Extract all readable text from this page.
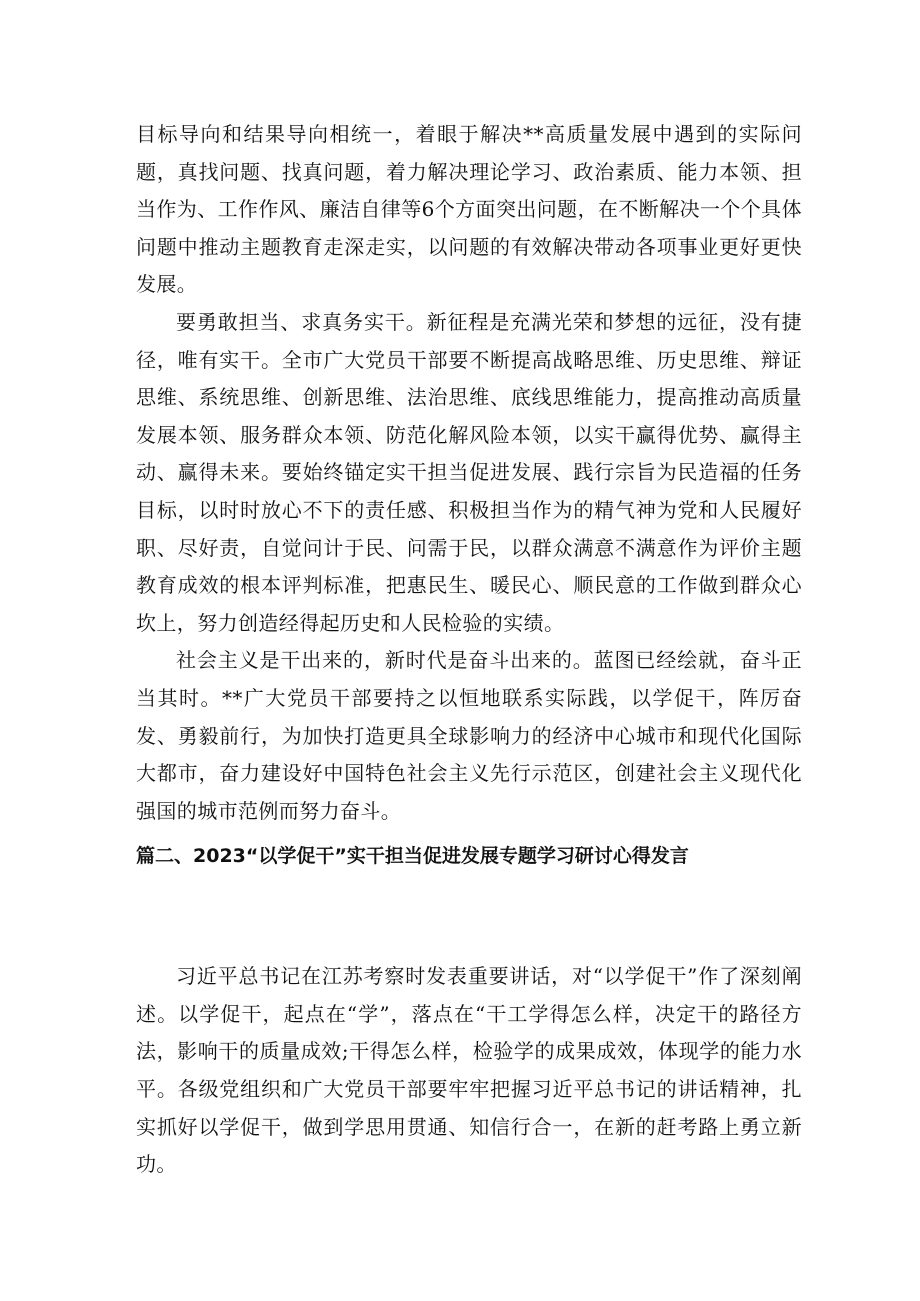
目标导向和结果导向相统一，着眼于解决**高质量发展中遇到的实际问题，真找问题、找真问题，着力解决理论学习、政治素质、能力本领、担当作为、工作作风、廉洁自律等6个方面突出问题，在不断解决一个个具体问题中推动主题教育走深走实，以问题的有效解决带动各项事业更好更快发展。

要勇敢担当、求真务实干。新征程是充满光荣和梦想的远征，没有捷径，唯有实干。全市广大党员干部要不断提高战略思维、历史思维、辩证思维、系统思维、创新思维、法治思维、底线思维能力，提高推动高质量发展本领、服务群众本领、防范化解风险本领，以实干赢得优势、赢得主动、赢得未来。要始终锚定实干担当促进发展、践行宗旨为民造福的任务目标，以时时放心不下的责任感、积极担当作为的精气神为党和人民履好职、尽好责，自觉问计于民、问需于民，以群众满意不满意作为评价主题教育成效的根本评判标准，把惠民生、暖民心、顺民意的工作做到群众心坎上，努力创造经得起历史和人民检验的实绩。

社会主义是干出来的，新时代是奋斗出来的。蓝图已经绘就，奋斗正当其时。**广大党员干部要持之以恒地联系实际践，以学促干，阵厉奋发、勇毅前行，为加快打造更具全球影响力的经济中心城市和现代化国际大都市，奋力建设好中国特色社会主义先行示范区，创建社会主义现代化强国的城市范例而努力奋斗。

篇二、2023“以学促干”实干担当促进发展专题学习研讨心得发言

习近平总书记在江苏考察时发表重要讲话，对“以学促干”作了深刻阐述。以学促干，起点在“学”，落点在“干工学得怎么样，决定干的路径方法，影响干的质量成效;干得怎么样，检验学的成果成效，体现学的能力水平。各级党组织和广大党员干部要牢牢把握习近平总书记的讲话精神，扎实抓好以学促干，做到学思用贯通、知信行合一，在新的赶考路上勇立新功。
